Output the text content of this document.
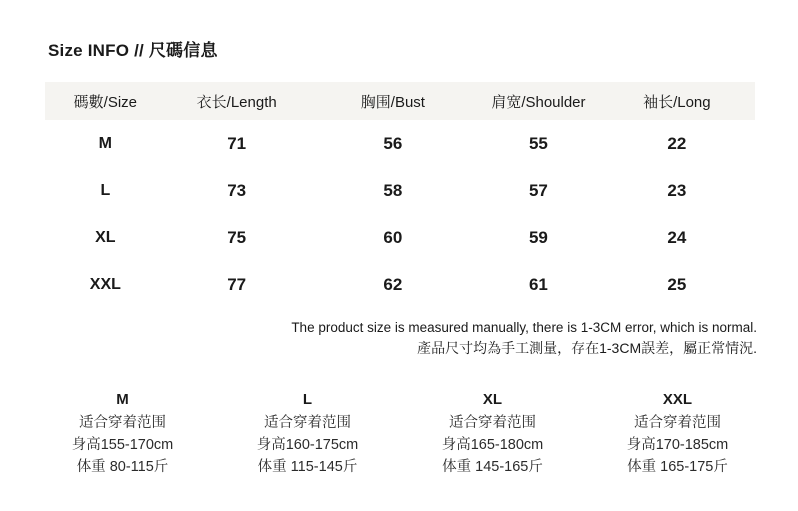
Size INFO // 尺碼信息
碼數/Size	衣长/Length	胸围/Bust	肩宽/Shoulder	袖长/Long
M	71	56	55	22
L	73	58	57	23
XL	75	60	59	24
XXL	77	62	61	25
The product size is measured manually, there is 1-3CM error, which is normal.
產品尺寸均為手工測量，存在1-3CM誤差，屬正常情況.
M
适合穿着范围
身高155-170cm
体重 80-115斤
L
适合穿着范围
身高160-175cm
体重 115-145斤
XL
适合穿着范围
身高165-180cm
体重 145-165斤
XXL
适合穿着范围
身高170-185cm
体重 165-175斤
